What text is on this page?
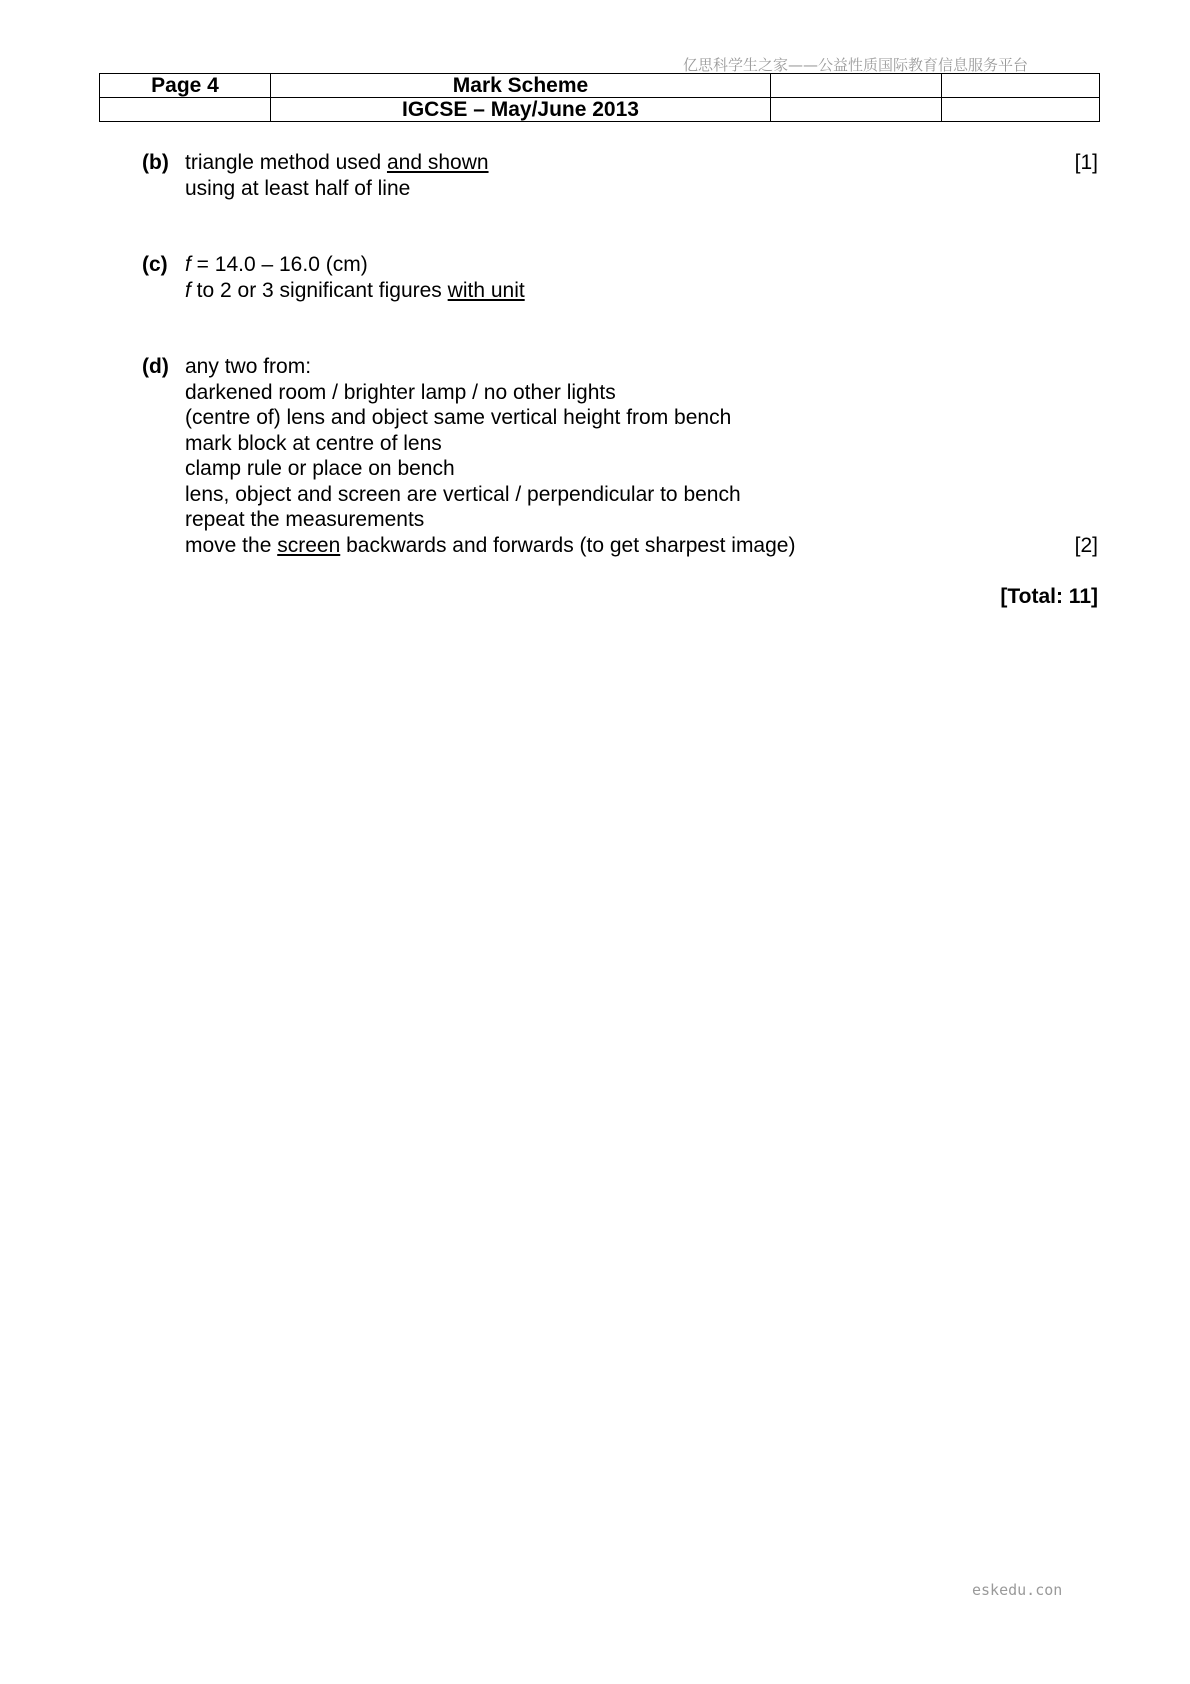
亿思科学生之家——公益性质国际教育信息服务平台
Page 4	Mark Scheme		
	IGCSE – May/June 2013		
(b) triangle method used and shown	[1]
using at least half of line
(c) f = 14.0 – 16.0 (cm)
f to 2 or 3 significant figures with unit
(d) any two from:
darkened room / brighter lamp / no other lights
(centre of) lens and object same vertical height from bench
mark block at centre of lens
clamp rule or place on bench
lens, object and screen are vertical / perpendicular to bench
repeat the measurements
move the screen backwards and forwards (to get sharpest image)	[2]
[Total: 11]
eskedu.con
